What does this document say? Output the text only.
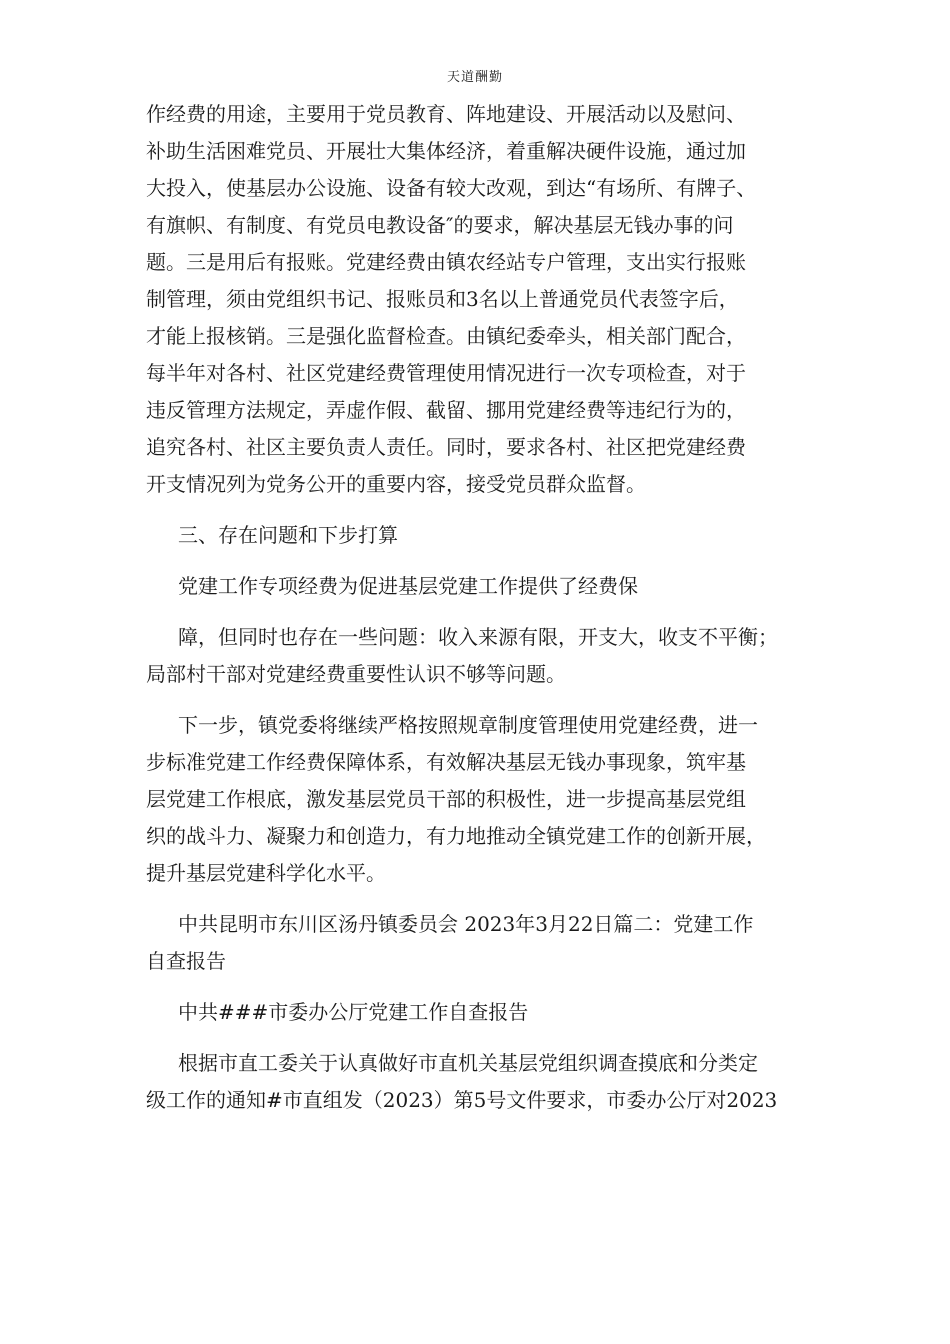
天道酬勤
作经费的用途，主要用于党员教育、阵地建设、开展活动以及慰问、
补助生活困难党员、开展壮大集体经济，着重解决硬件设施，通过加
大投入，使基层办公设施、设备有较大改观，到达“有场所、有牌子、
有旗帜、有制度、有党员电教设备″的要求，解决基层无钱办事的问
题。三是用后有报账。党建经费由镇农经站专户管理，支出实行报账
制管理，须由党组织书记、报账员和3名以上普通党员代表签字后，
才能上报核销。三是强化监督检查。由镇纪委牵头，相关部门配合，
每半年对各村、社区党建经费管理使用情况进行一次专项检查，对于
违反管理方法规定，弄虚作假、截留、挪用党建经费等违纪行为的，
追究各村、社区主要负责人责任。同时，要求各村、社区把党建经费
开支情况列为党务公开的重要内容，接受党员群众监督。
三、存在问题和下步打算
党建工作专项经费为促进基层党建工作提供了经费保
障，但同时也存在一些问题：收入来源有限，开支大，收支不平衡；
局部村干部对党建经费重要性认识不够等问题。
下一步，镇党委将继续严格按照规章制度管理使用党建经费，进一
步标准党建工作经费保障体系，有效解决基层无钱办事现象，筑牢基
层党建工作根底，激发基层党员干部的积极性，进一步提高基层党组
织的战斗力、凝聚力和创造力，有力地推动全镇党建工作的创新开展，
提升基层党建科学化水平。
中共昆明市东川区汤丹镇委员会 2023年3月22日篇二：党建工作
自查报告
中共###市委办公厅党建工作自查报告
根据市直工委关于认真做好市直机关基层党组织调查摸底和分类定
级工作的通知#市直组发（2023）第5号文件要求，市委办公厅对2023
